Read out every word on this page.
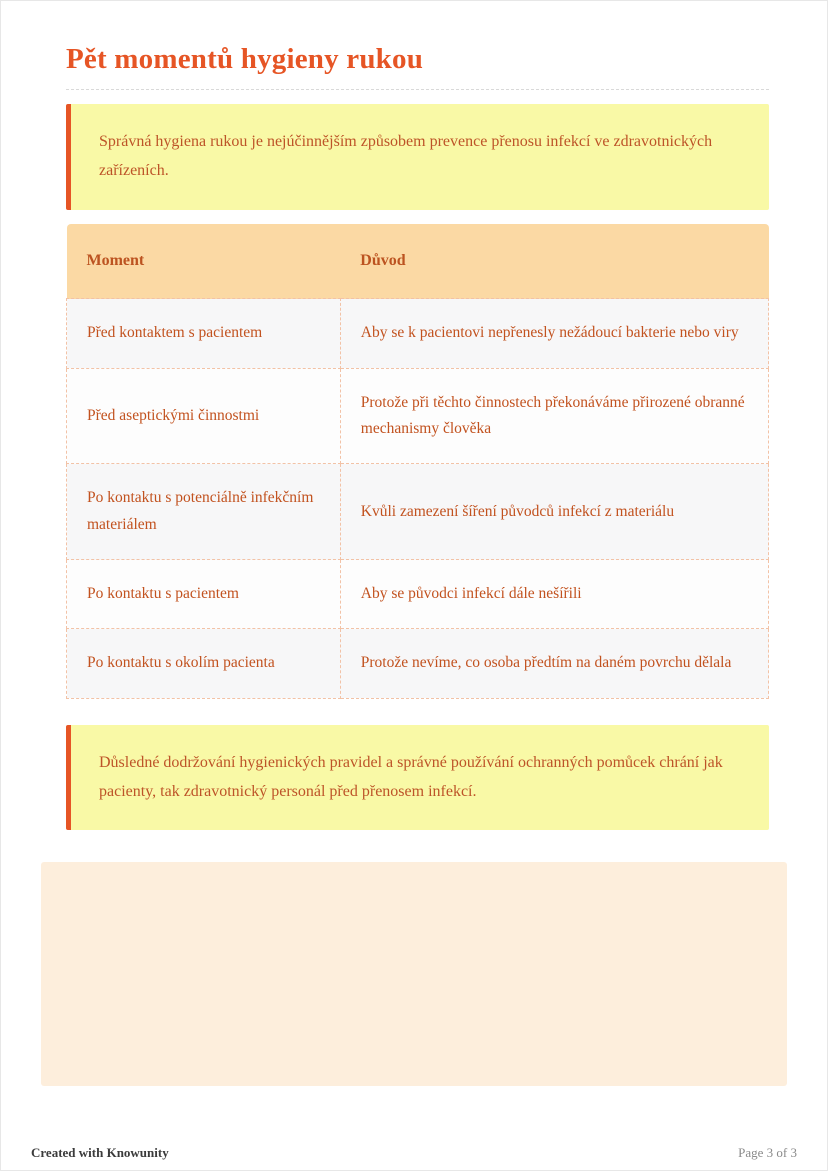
Pět momentů hygieny rukou

Správná hygiena rukou je nejúčinnějším způsobem prevence přenosu infekcí ve zdravotnických zařízeních.

Moment	Důvod
Před kontaktem s pacientem	Aby se k pacientovi nepřenesly nežádoucí bakterie nebo viry
Před aseptickými činnostmi	Protože při těchto činnostech překonáváme přirozené obranné mechanismy člověka
Po kontaktu s potenciálně infekčním materiálem	Kvůli zamezení šíření původců infekcí z materiálu
Po kontaktu s pacientem	Aby se původci infekcí dále nešířili
Po kontaktu s okolím pacienta	Protože nevíme, co osoba předtím na daném povrchu dělala

Důsledné dodržování hygienických pravidel a správné používání ochranných pomůcek chrání jak pacienty, tak zdravotnický personál před přenosem infekcí.

Created with Knowunity	Page 3 of 3
